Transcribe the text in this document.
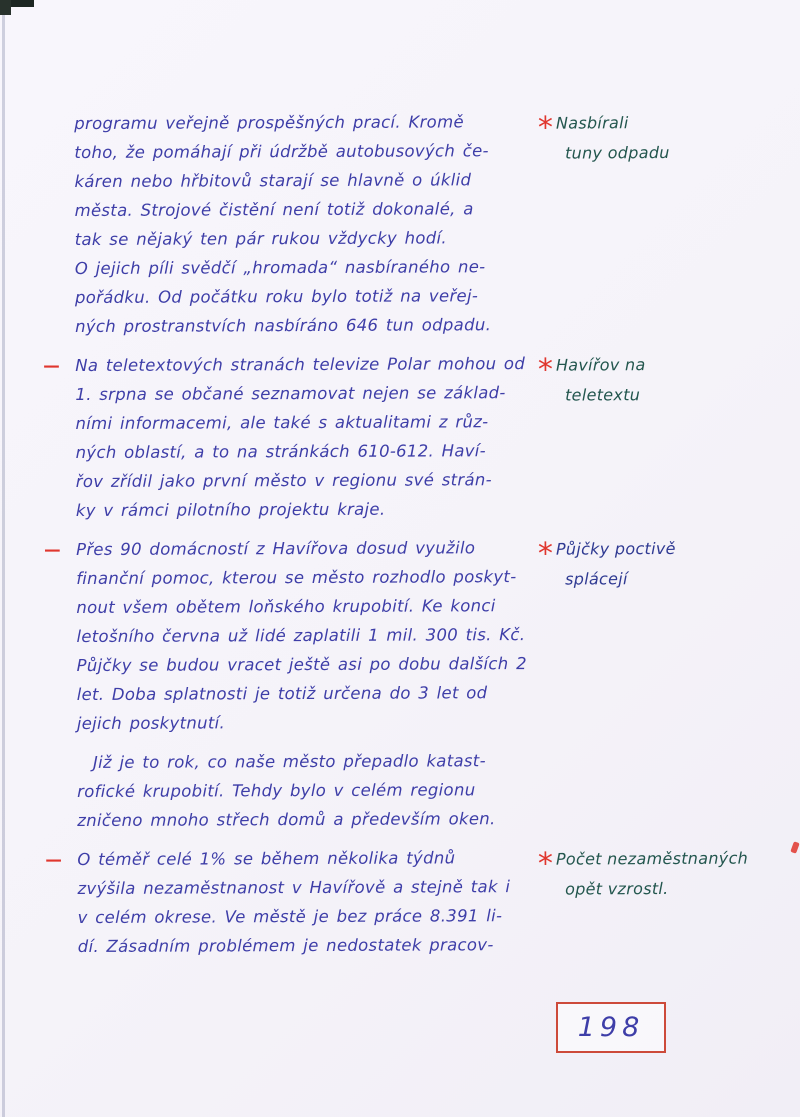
programu veřejně prospěšných prací. Kromě
toho, že pomáhají při údržbě autobusových če-
káren nebo hřbitovů starají se hlavně o úklid
města. Strojové čistění není totiž dokonalé, a
tak se nějaký ten pár rukou vždycky hodí.
O jejich píli svědčí „hromada“ nasbíraného ne-
pořádku. Od počátku roku bylo totiž na veřej-
ných prostranstvích nasbíráno 646 tun odpadu.
— Na teletextových stranách televize Polar mohou od
1. srpna se občané seznamovat nejen se základ-
ními informacemi, ale také s aktualitami z růz-
ných oblastí, a to na stránkách 610-612. Haví-
řov zřídil jako první město v regionu své strán-
ky v rámci pilotního projektu kraje.
— Přes 90 domácností z Havířova dosud využilo
finanční pomoc, kterou se město rozhodlo poskyt-
nout všem obětem loňského krupobití. Ke konci
letošního června už lidé zaplatili 1 mil. 300 tis. Kč.
Půjčky se budou vracet ještě asi po dobu dalších 2
let. Doba splatnosti je totiž určena do 3 let od
jejich poskytnutí.
Již je to rok, co naše město přepadlo katast-
rofické krupobití. Tehdy bylo v celém regionu
zničeno mnoho střech domů a především oken.
— O téměř celé 1% se během několika týdnů
zvýšila nezaměstnanost v Havířově a stejně tak i
v celém okrese. Ve městě je bez práce 8.391 li-
dí. Zásadním problémem je nedostatek pracov-
* Nasbírali
tuny odpadu
* Havířov na
teletextu
* Půjčky poctivě
splácejí
* Počet nezaměstnaných
opět vzrostl.
198
